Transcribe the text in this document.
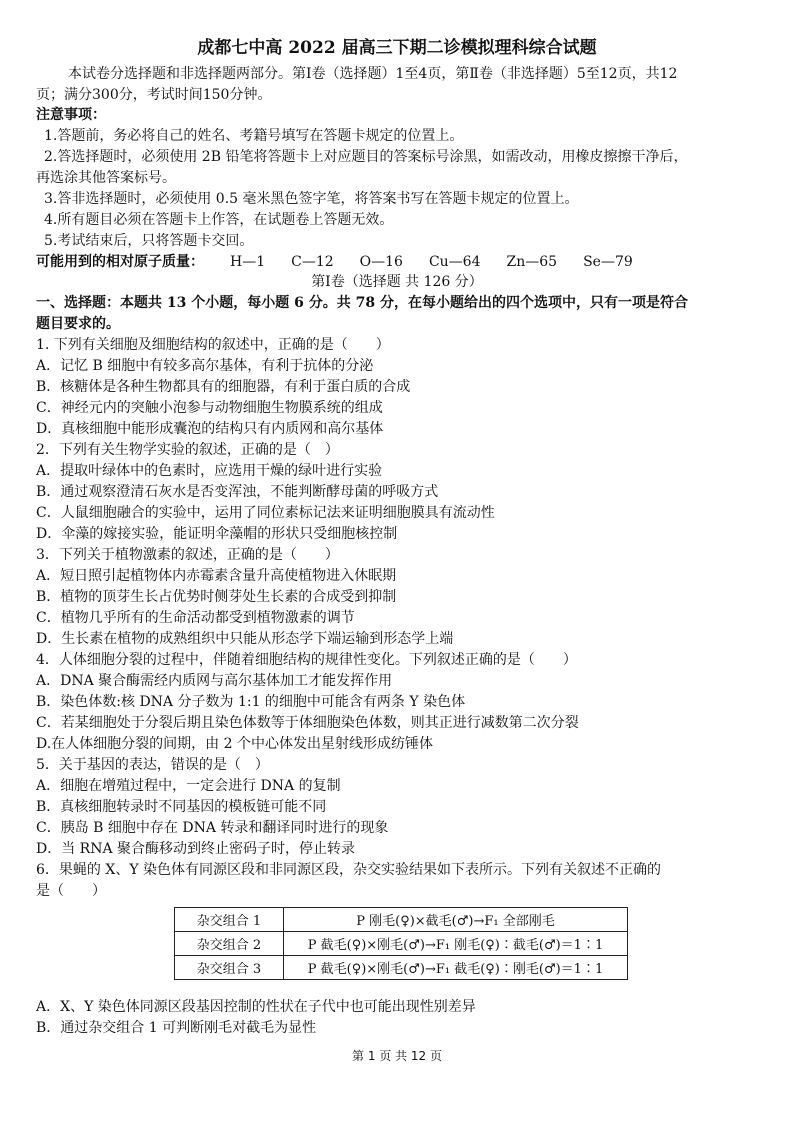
成都七中高 2022 届高三下期二诊模拟理科综合试题
本试卷分选择题和非选择题两部分。第Ⅰ卷（选择题）1至4页，第Ⅱ卷（非选择题）5至12页，共12
页；满分300分，考试时间150分钟。
注意事项：
1.答题前，务必将自己的姓名、考籍号填写在答题卡规定的位置上。
2.答选择题时，必须使用 2B 铅笔将答题卡上对应题目的答案标号涂黑，如需改动，用橡皮擦擦干净后，
再选涂其他答案标号。
3.答非选择题时，必须使用 0.5 毫米黑色签字笔，将答案书写在答题卡规定的位置上。
4.所有题目必须在答题卡上作答，在试题卷上答题无效。
5.考试结束后，只将答题卡交回。
可能用到的相对原子质量： H—1 C—12 O—16 Cu—64 Zn—65 Se—79
第Ⅰ卷（选择题 共 126 分）
一、选择题：本题共 13 个小题，每小题 6 分。共 78 分，在每小题给出的四个选项中，只有一项是符合
题目要求的。
1. 下列有关细胞及细胞结构的叙述中，正确的是（　　）
A．记忆 B 细胞中有较多高尔基体，有利于抗体的分泌
B．核糖体是各种生物都具有的细胞器，有利于蛋白质的合成
C．神经元内的突触小泡参与动物细胞生物膜系统的组成
D．真核细胞中能形成囊泡的结构只有内质网和高尔基体
2．下列有关生物学实验的叙述，正确的是（　）
A．提取叶绿体中的色素时，应选用干燥的绿叶进行实验
B．通过观察澄清石灰水是否变浑浊，不能判断酵母菌的呼吸方式
C．人鼠细胞融合的实验中，运用了同位素标记法来证明细胞膜具有流动性
D．伞藻的嫁接实验，能证明伞藻帽的形状只受细胞核控制
3．下列关于植物激素的叙述，正确的是（　　）
A．短日照引起植物体内赤霉素含量升高使植物进入休眠期
B．植物的顶芽生长占优势时侧芽处生长素的合成受到抑制
C．植物几乎所有的生命活动都受到植物激素的调节
D．生长素在植物的成熟组织中只能从形态学下端运输到形态学上端
4．人体细胞分裂的过程中，伴随着细胞结构的规律性变化。下列叙述正确的是（　　）
A．DNA 聚合酶需经内质网与高尔基体加工才能发挥作用
B．染色体数:核 DNA 分子数为 1:1 的细胞中可能含有两条 Y 染色体
C．若某细胞处于分裂后期且染色体数等于体细胞染色体数，则其正进行减数第二次分裂
D.在人体细胞分裂的间期，由 2 个中心体发出星射线形成纺锤体
5．关于基因的表达，错误的是（　）
A．细胞在增殖过程中，一定会进行 DNA 的复制
B．真核细胞转录时不同基因的模板链可能不同
C．胰岛 B 细胞中存在 DNA 转录和翻译同时进行的现象
D．当 RNA 聚合酶移动到终止密码子时，停止转录
6．果蝇的 X、Y 染色体有同源区段和非同源区段，杂交实验结果如下表所示。下列有关叙述不正确的
是（　　）
杂交组合 1	P 刚毛(♀)×截毛(♂)→F₁ 全部刚毛
杂交组合 2	P 截毛(♀)×刚毛(♂)→F₁ 刚毛(♀)∶截毛(♂)＝1∶1
杂交组合 3	P 截毛(♀)×刚毛(♂)→F₁ 截毛(♀)∶刚毛(♂)＝1∶1
A．X、Y 染色体同源区段基因控制的性状在子代中也可能出现性别差异
B．通过杂交组合 1 可判断刚毛对截毛为显性
第 1 页 共 12 页
